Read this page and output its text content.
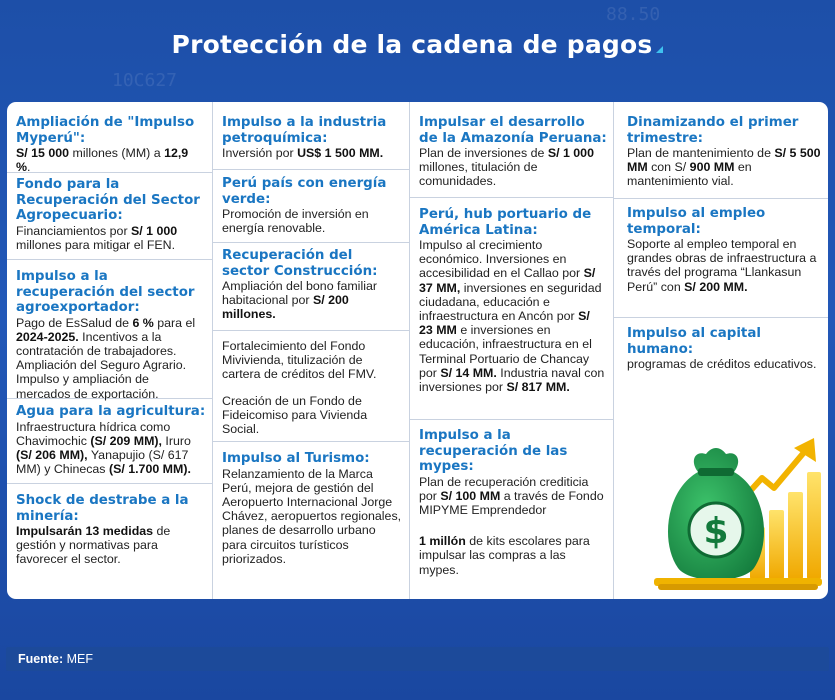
88.50
10C627
Protección de la cadena de pagos
Ampliación de "Impulso Myperú":

S/ 15 000 millones (MM) a 12,9 %.

Fondo para la Recuperación del Sector Agropecuario:

Financiamientos por S/ 1 000 millones para mitigar el FEN.

Impulso a la recuperación del sector agroexportador:

Pago de EsSalud de 6 % para el 2024-2025. Incentivos a la contratación de trabajadores. Ampliación del Seguro Agrario. Impulso y ampliación de mercados de exportación.

Agua para la agricultura:

Infraestructura hídrica como Chavimochic (S/ 209 MM), Iruro (S/ 206 MM), Yanapujio (S/ 617 MM) y Chinecas (S/ 1.700 MM).

Shock de destrabe a la minería:

Impulsarán 13 medidas de gestión y normativas para favorecer el sector.

Impulso a la industria petroquímica:

Inversión por US$ 1 500 MM.

Perú país con energía verde:

Promoción de inversión en energía renovable.

Recuperación del sector Construcción:

Ampliación del bono familiar habitacional por S/ 200 millones.

Fortalecimiento del Fondo Mivivienda, titulización de cartera de créditos del FMV.

Creación de un Fondo de Fideicomiso para Vivienda Social.

Impulso al Turismo:

Relanzamiento de la Marca Perú, mejora de gestión del Aeropuerto Internacional Jorge Chávez, aeropuertos regionales, planes de desarrollo urbano para circuitos turísticos priorizados.

Impulsar el desarrollo de la Amazonía Peruana:

Plan de inversiones de S/ 1 000 millones, titulación de comunidades.

Perú, hub portuario de América Latina:

Impulso al crecimiento económico. Inversiones en accesibilidad en el Callao por S/ 37 MM, inversiones en seguridad ciudadana, educación e infraestructura en Ancón por S/ 23 MM e inversiones en educación, infraestructura en el Terminal Portuario de Chancay por S/ 14 MM. Industria naval con inversiones por S/ 817 MM.

Impulso a la recuperación de las mypes:

Plan de recuperación crediticia por S/ 100 MM a través de Fondo MIPYME Emprendedor

1 millón de kits escolares para impulsar las compras a las mypes.

Dinamizando el primer trimestre:

Plan de mantenimiento de S/ 5 500 MM con S/ 900 MM en mantenimiento vial.

Impulso al empleo temporal:

Soporte al empleo temporal en grandes obras de infraestructura a través del programa “Llankasun Perú” con S/ 200 MM.

Impulso al capital humano:

programas de créditos educativos.

$
Fuente: MEF
